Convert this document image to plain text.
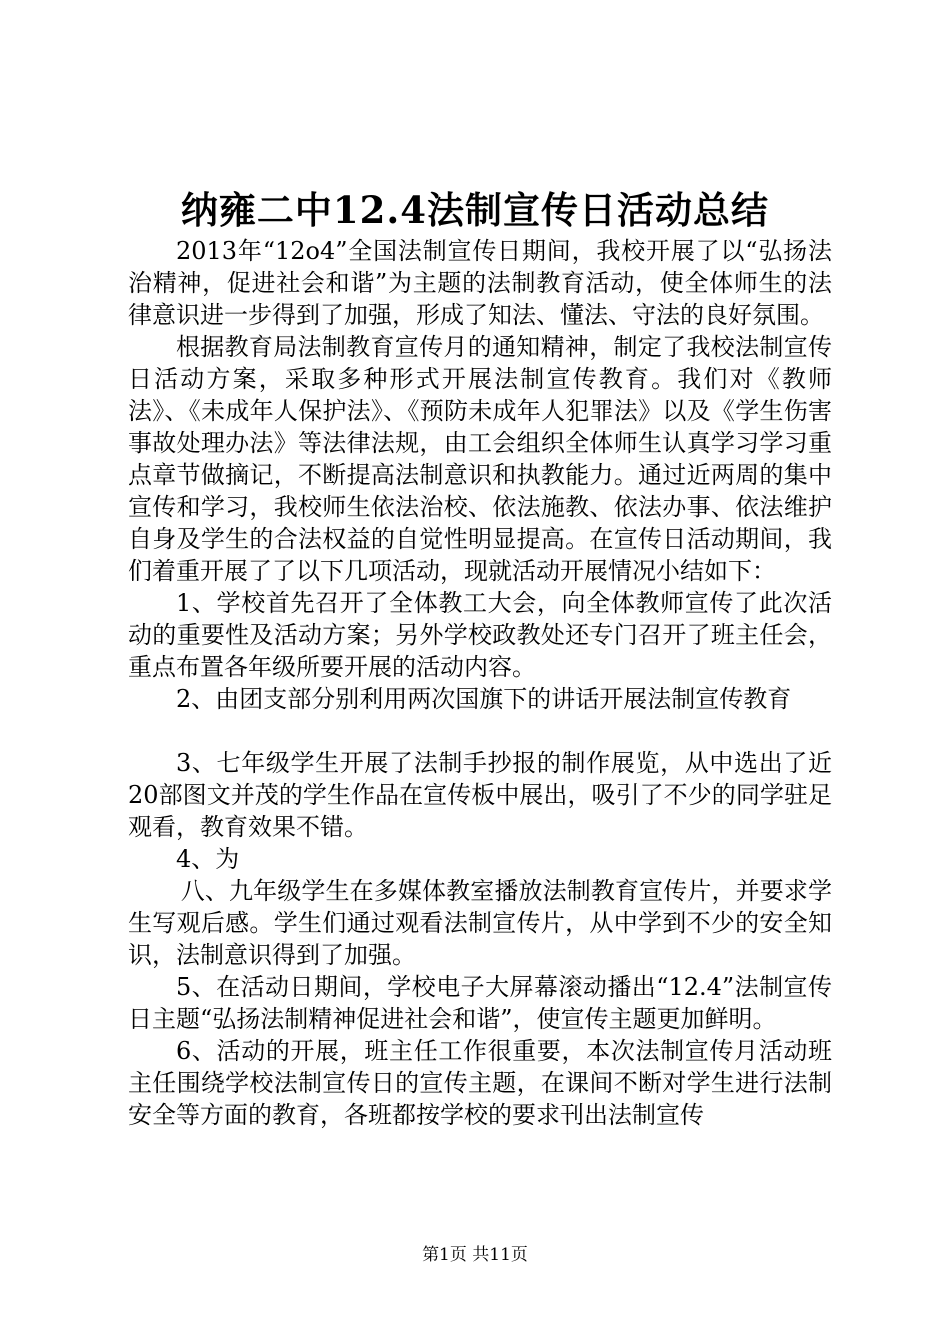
纳雍二中12.4法制宣传日活动总结

2013年“12o4”全国法制宣传日期间，我校开展了以“弘扬法治精神，促进社会和谐”为主题的法制教育活动，使全体师生的法律意识进一步得到了加强，形成了知法、懂法、守法的良好氛围。

根据教育局法制教育宣传月的通知精神，制定了我校法制宣传日活动方案，采取多种形式开展法制宣传教育。我们对《教师法》、《未成年人保护法》、《预防未成年人犯罪法》以及《学生伤害事故处理办法》等法律法规，由工会组织全体师生认真学习学习重点章节做摘记，不断提高法制意识和执教能力。通过近两周的集中宣传和学习，我校师生依法治校、依法施教、依法办事、依法维护自身及学生的合法权益的自觉性明显提高。在宣传日活动期间，我们着重开展了了以下几项活动，现就活动开展情况小结如下：

1、学校首先召开了全体教工大会，向全体教师宣传了此次活动的重要性及活动方案；另外学校政教处还专门召开了班主任会，重点布置各年级所要开展的活动内容。

2、由团支部分别利用两次国旗下的讲话开展法制宣传教育

3、七年级学生开展了法制手抄报的制作展览，从中选出了近20部图文并茂的学生作品在宣传板中展出，吸引了不少的同学驻足观看，教育效果不错。

4、为

八、九年级学生在多媒体教室播放法制教育宣传片，并要求学生写观后感。学生们通过观看法制宣传片，从中学到不少的安全知识，法制意识得到了加强。

5、在活动日期间，学校电子大屏幕滚动播出“12.4”法制宣传日主题“弘扬法制精神促进社会和谐”，使宣传主题更加鲜明。

6、活动的开展，班主任工作很重要，本次法制宣传月活动班主任围绕学校法制宣传日的宣传主题，在课间不断对学生进行法制安全等方面的教育，各班都按学校的要求刊出法制宣传

第1页 共11页
